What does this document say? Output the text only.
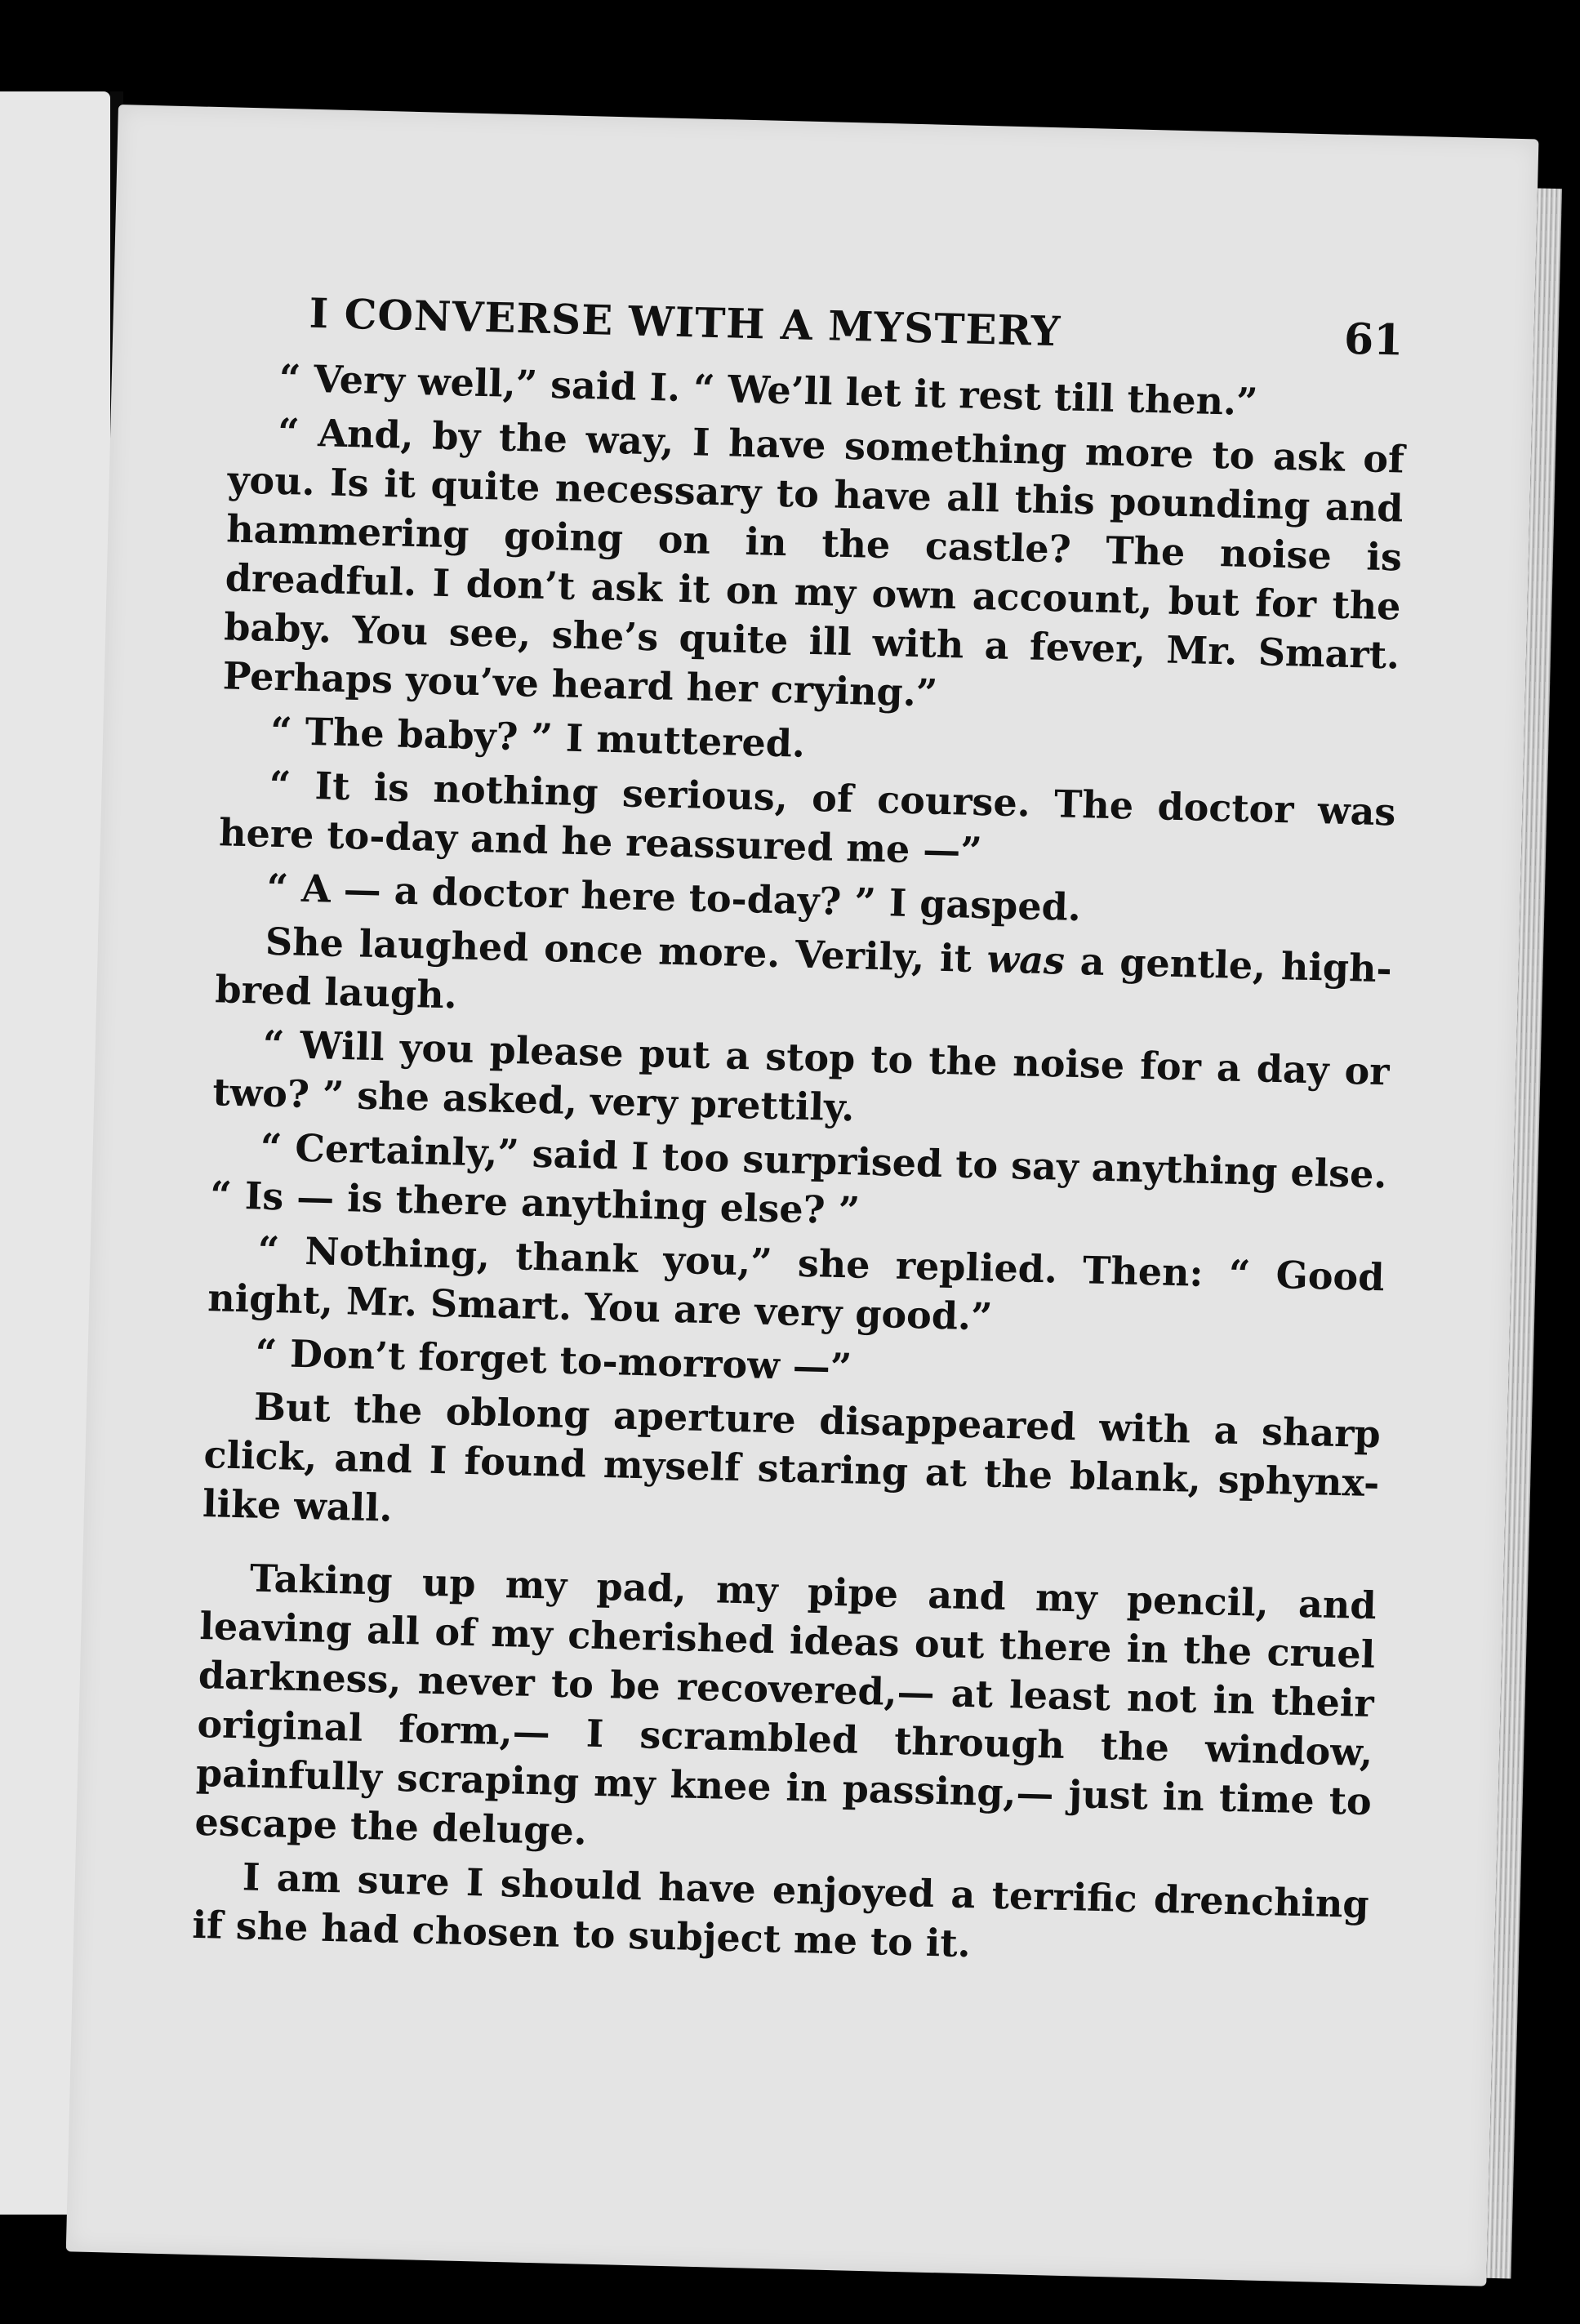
I CONVERSE WITH A MYSTERY	61

“ Very well,” said I. “ We’ll let it rest till then.”

“ And, by the way, I have something more to ask of you. Is it quite necessary to have all this pounding and hammering going on in the castle? The noise is dreadful. I don’t ask it on my own account, but for the baby. You see, she’s quite ill with a fever, Mr. Smart. Perhaps you’ve heard her crying.”

“ The baby? ” I muttered.

“ It is nothing serious, of course. The doctor was here to-day and he reassured me —”

“ A — a doctor here to-day? ” I gasped.

She laughed once more. Verily, it was a gentle, high-bred laugh.

“ Will you please put a stop to the noise for a day or two? ” she asked, very prettily.

“ Certainly,” said I too surprised to say anything else. “ Is — is there anything else? ”

“ Nothing, thank you,” she replied. Then: “ Good night, Mr. Smart. You are very good.”

“ Don’t forget to-morrow —”

But the oblong aperture disappeared with a sharp click, and I found myself staring at the blank, sphynx-like wall.

Taking up my pad, my pipe and my pencil, and leaving all of my cherished ideas out there in the cruel darkness, never to be recovered,— at least not in their original form,— I scrambled through the window, painfully scraping my knee in passing,— just in time to escape the deluge.

I am sure I should have enjoyed a terrific drenching if she had chosen to subject me to it.
